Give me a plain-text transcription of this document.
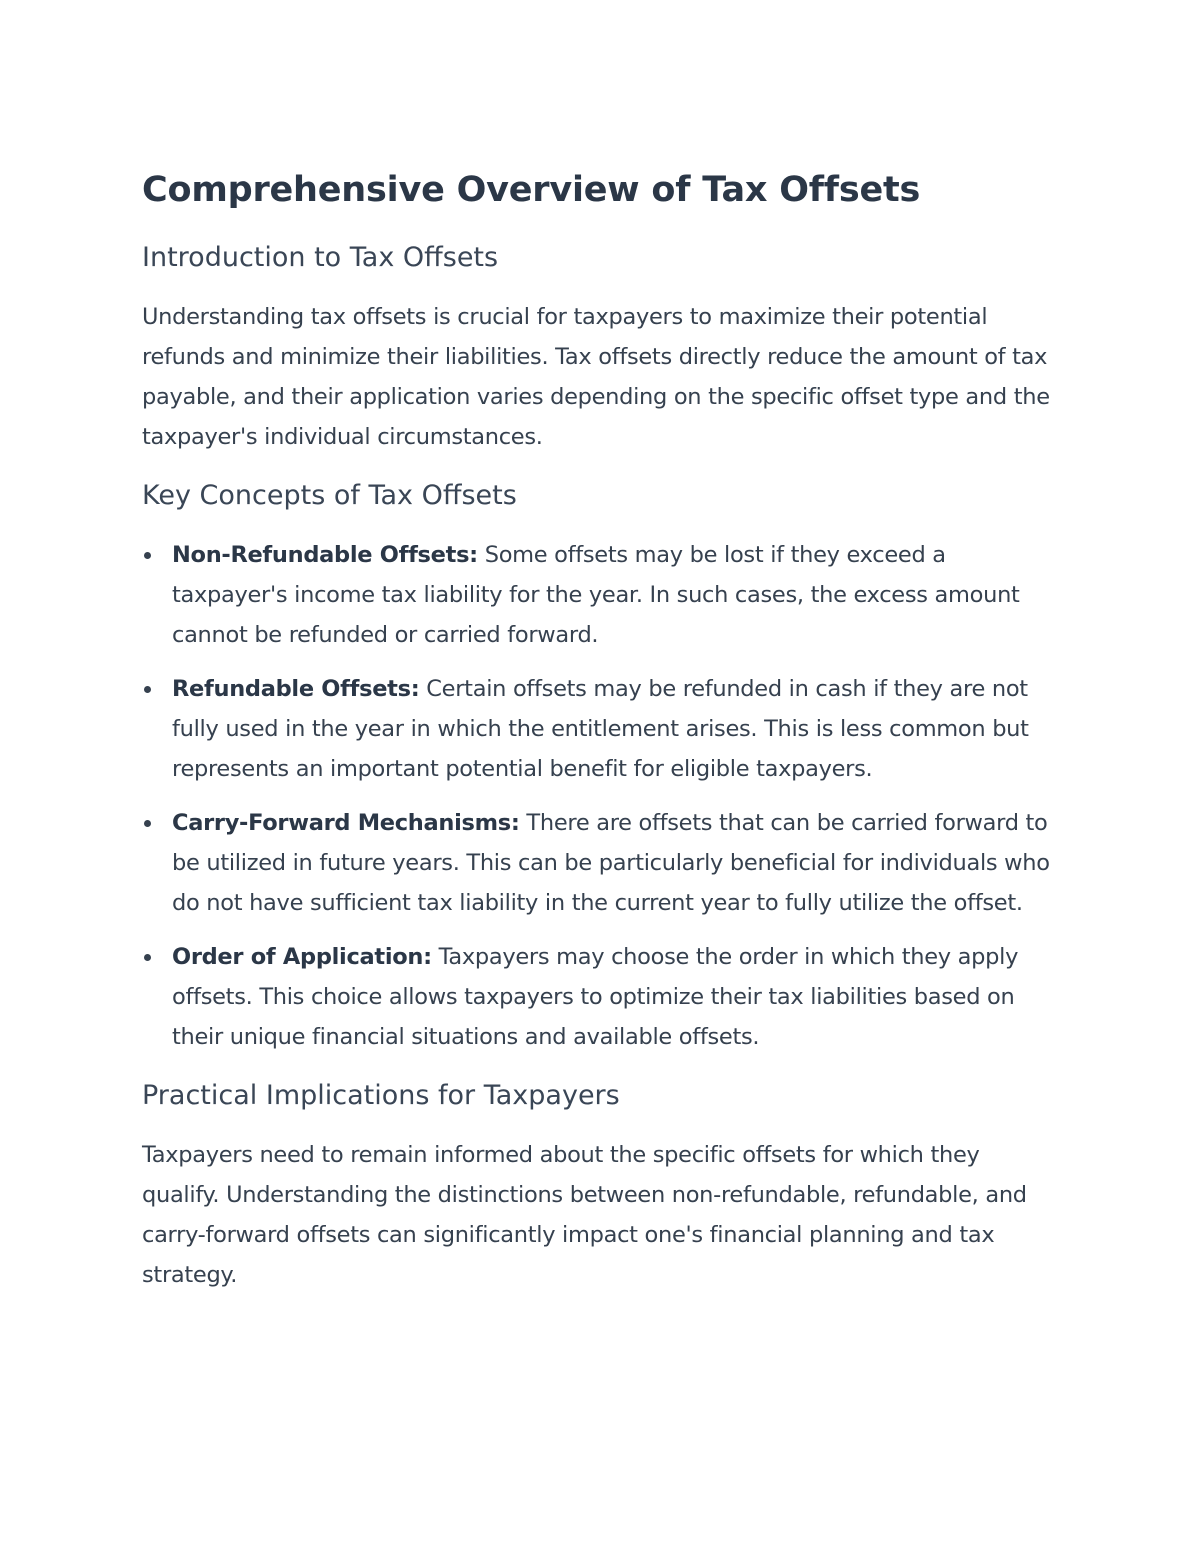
Comprehensive Overview of Tax Offsets
Introduction to Tax Offsets

Understanding tax offsets is crucial for taxpayers to maximize their potential refunds and minimize their liabilities. Tax offsets directly reduce the amount of tax payable, and their application varies depending on the specific offset type and the taxpayer's individual circumstances.

Key Concepts of Tax Offsets
Non-Refundable Offsets: Some offsets may be lost if they exceed a taxpayer's income tax liability for the year. In such cases, the excess amount cannot be refunded or carried forward.
Refundable Offsets: Certain offsets may be refunded in cash if they are not fully used in the year in which the entitlement arises. This is less common but represents an important potential benefit for eligible taxpayers.
Carry-Forward Mechanisms: There are offsets that can be carried forward to be utilized in future years. This can be particularly beneficial for individuals who do not have sufficient tax liability in the current year to fully utilize the offset.
Order of Application: Taxpayers may choose the order in which they apply offsets. This choice allows taxpayers to optimize their tax liabilities based on their unique financial situations and available offsets.
Practical Implications for Taxpayers

Taxpayers need to remain informed about the specific offsets for which they qualify. Understanding the distinctions between non-refundable, refundable, and carry-forward offsets can significantly impact one's financial planning and tax strategy.
